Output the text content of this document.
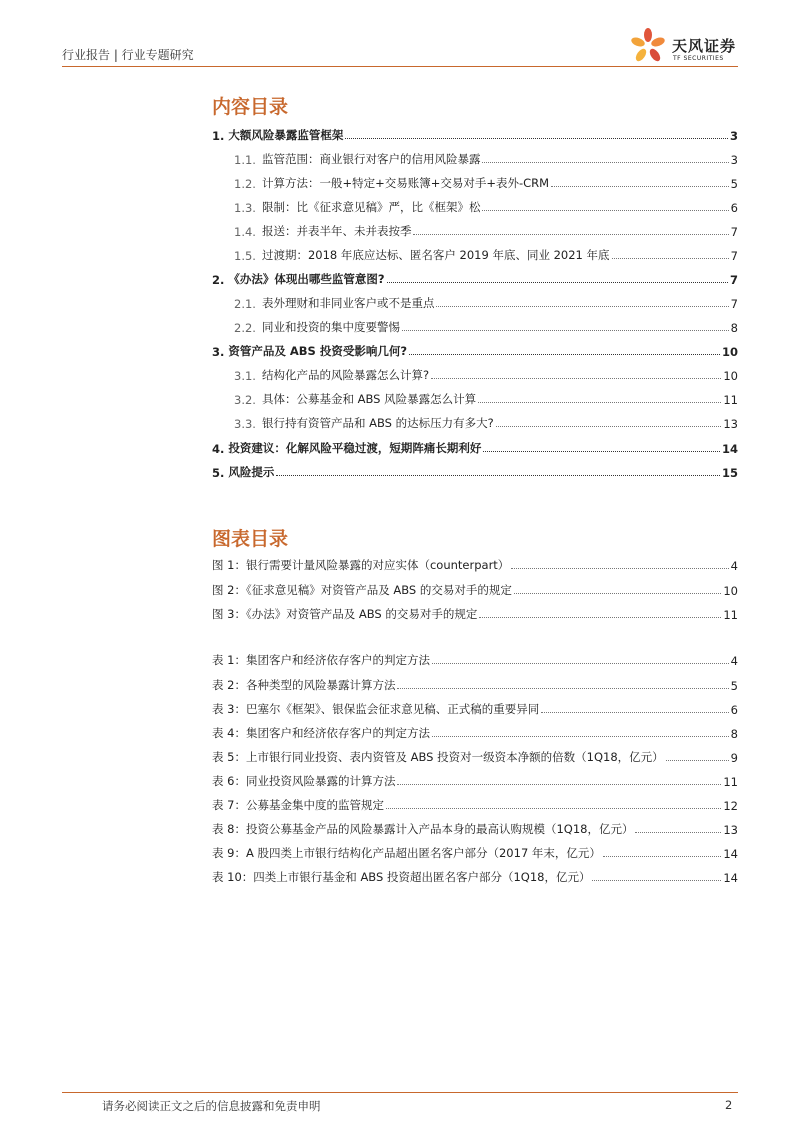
行业报告 | 行业专题研究	天风证券
TF SECURITIES
内容目录
1. 大额风险暴露监管框架	3
1.1. 监管范围：商业银行对客户的信用风险暴露	3
1.2. 计算方法：一般+特定+交易账簿+交易对手+表外-CRM	5
1.3. 限制：比《征求意见稿》严，比《框架》松	6
1.4. 报送：并表半年、未并表按季	7
1.5. 过渡期：2018 年底应达标、匿名客户 2019 年底、同业 2021 年底	7
2. 《办法》体现出哪些监管意图?	7
2.1. 表外理财和非同业客户或不是重点	7
2.2. 同业和投资的集中度要警惕	8
3. 资管产品及 ABS 投资受影响几何?	10
3.1. 结构化产品的风险暴露怎么计算?	10
3.2. 具体：公募基金和 ABS 风险暴露怎么计算	11
3.3. 银行持有资管产品和 ABS 的达标压力有多大?	13
4. 投资建议：化解风险平稳过渡，短期阵痛长期利好	14
5. 风险提示	15
图表目录
图 1：银行需要计量风险暴露的对应实体（counterpart）	4
图 2：《征求意见稿》对资管产品及 ABS 的交易对手的规定	10
图 3：《办法》对资管产品及 ABS 的交易对手的规定	11
表 1：集团客户和经济依存客户的判定方法	4
表 2：各种类型的风险暴露计算方法	5
表 3：巴塞尔《框架》、银保监会征求意见稿、正式稿的重要异同	6
表 4：集团客户和经济依存客户的判定方法	8
表 5：上市银行同业投资、表内资管及 ABS 投资对一级资本净额的倍数（1Q18，亿元）	9
表 6：同业投资风险暴露的计算方法	11
表 7：公募基金集中度的监管规定	12
表 8：投资公募基金产品的风险暴露计入产品本身的最高认购规模（1Q18，亿元）	13
表 9：A 股四类上市银行结构化产品超出匿名客户部分（2017 年末，亿元）	14
表 10：四类上市银行基金和 ABS 投资超出匿名客户部分（1Q18，亿元）	14
请务必阅读正文之后的信息披露和免责申明	2
